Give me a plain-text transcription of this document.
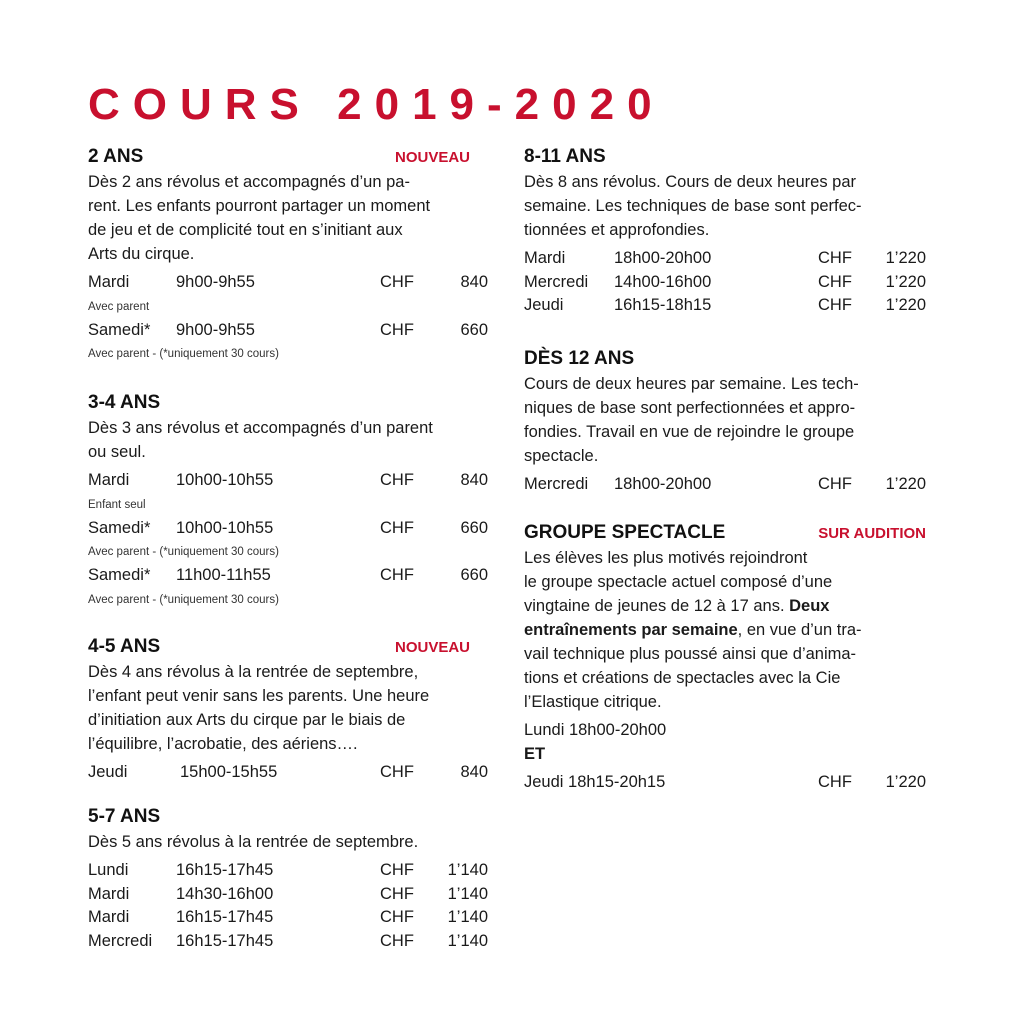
COURS 2019-2020
2 ANS	NOUVEAU

Dès 2 ans révolus et accompagnés d’un pa-
rent. Les enfants pourront partager un moment
de jeu et de complicité tout en s’initiant aux
Arts du cirque.

Mardi	9h00-9h55	CHF	840
Avec parent
Samedi* 9h00-9h55	CHF	660
Avec parent - (*uniquement 30 cours)
3-4 ANS

Dès 3 ans révolus et accompagnés d’un parent
ou seul.

Mardi	10h00-10h55	CHF	840
Enfant seul
Samedi* 10h00-10h55	CHF	660
Avec parent - (*uniquement 30 cours)
Samedi* 11h00-11h55	CHF	660
Avec parent - (*uniquement 30 cours)
4-5 ANS	NOUVEAU

Dès 4 ans révolus à la rentrée de septembre,
l’enfant peut venir sans les parents. Une heure
d’initiation aux Arts du cirque par le biais de
l’équilibre, l’acrobatie, des aériens….

Jeudi	15h00-15h55	CHF	840
5-7 ANS

Dès 5 ans révolus à la rentrée de septembre.

Lundi	16h15-17h45	CHF 1’140
Mardi	14h30-16h00	CHF 1’140
Mardi	16h15-17h45	CHF 1’140
Mercredi 16h15-17h45	CHF 1’140
8-11 ANS

Dès 8 ans révolus. Cours de deux heures par
semaine. Les techniques de base sont perfec-
tionnées et approfondies.

Mardi	18h00-20h00	CHF 1’220
Mercredi 14h00-16h00	CHF 1’220
Jeudi	16h15-18h15	CHF 1’220
DÈS 12 ANS

Cours de deux heures par semaine. Les tech-
niques de base sont perfectionnées et appro-
fondies. Travail en vue de rejoindre le groupe
spectacle.

Mercredi 18h00-20h00	CHF 1’220
GROUPE SPECTACLE	SUR AUDITION

Les élèves les plus motivés rejoindront
le groupe spectacle actuel composé d’une
vingtaine de jeunes de 12 à 17 ans. Deux
entraînements par semaine, en vue d’un tra-
vail technique plus poussé ainsi que d’anima-
tions et créations de spectacles avec la Cie
l’Elastique citrique.

Lundi 18h00-20h00
ET
Jeudi 18h15-20h15	CHF 1’220
